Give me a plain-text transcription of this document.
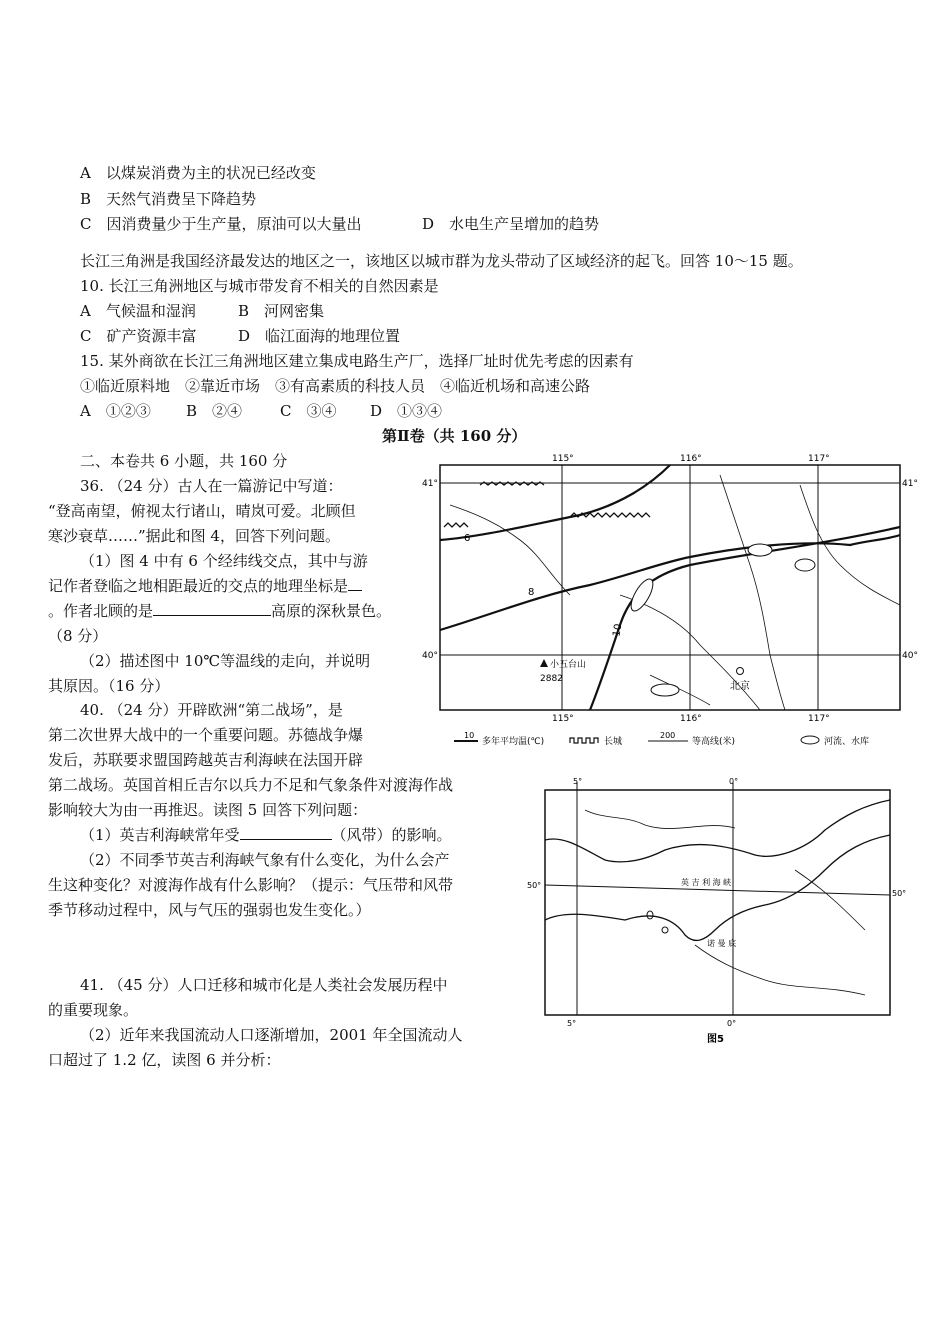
A　以煤炭消费为主的状况已经改变
B　天然气消费呈下降趋势
C　因消费量少于生产量，原油可以大量出	D　水电生产呈增加的趋势
长江三角洲是我国经济最发达的地区之一，该地区以城市群为龙头带动了区域经济的起飞。回答 10～15 题。
10. 长江三角洲地区与城市带发育不相关的自然因素是
A　气候温和湿润	B　河网密集
C　矿产资源丰富	D　临江面海的地理位置
15. 某外商欲在长江三角洲地区建立集成电路生产厂，选择厂址时优先考虑的因素有
①临近原料地　②靠近市场　③有高素质的科技人员　④临近机场和高速公路
A　①②③ B　②④	C　③④ D　①③④
第Ⅱ卷（共 160 分）
二、本卷共 6 小题，共 160 分
36. （24 分）古人在一篇游记中写道：
“登高南望，俯视太行诸山，晴岚可爱。北顾但
寒沙衰草……”据此和图 4，回答下列问题。
（1）图 4 中有 6 个经纬线交点，其中与游
记作者登临之地相距最近的交点的地理坐标是
。作者北顾的是	高原的深秋景色。
（8 分）
（2）描述图中 10℃等温线的走向，并说明
其原因。（16 分）
40. （24 分）开辟欧洲“第二战场”，是
第二次世界大战中的一个重要问题。苏德战争爆
发后，苏联要求盟国跨越英吉利海峡在法国开辟
第二战场。英国首相丘吉尔以兵力不足和气象条件对渡海作战
影响较大为由一再推迟。读图 5 回答下列问题：
（1）英吉利海峡常年受	（风带）的影响。
（2）不同季节英吉利海峡气象有什么变化，为什么会产
生这种变化？对渡海作战有什么影响？（提示：气压带和风带
季节移动过程中，风与气压的强弱也发生变化。）
41. （45 分）人口迁移和城市化是人类社会发展历程中
的重要现象。
（2）近年来我国流动人口逐渐增加，2001 年全国流动人
口超过了 1.2 亿，读图 6 并分析：
115°	116°	117°
115°	116°	117°
41°	41°
40°	40°
6
8
10
小五台山
2882
北京
10
多年平均温(℃)	长城
200
等高线(米)	河流、水库
5°	0°
5°	0°
50°
50°
英 吉 利 海 峡
诺 曼 底
图5
